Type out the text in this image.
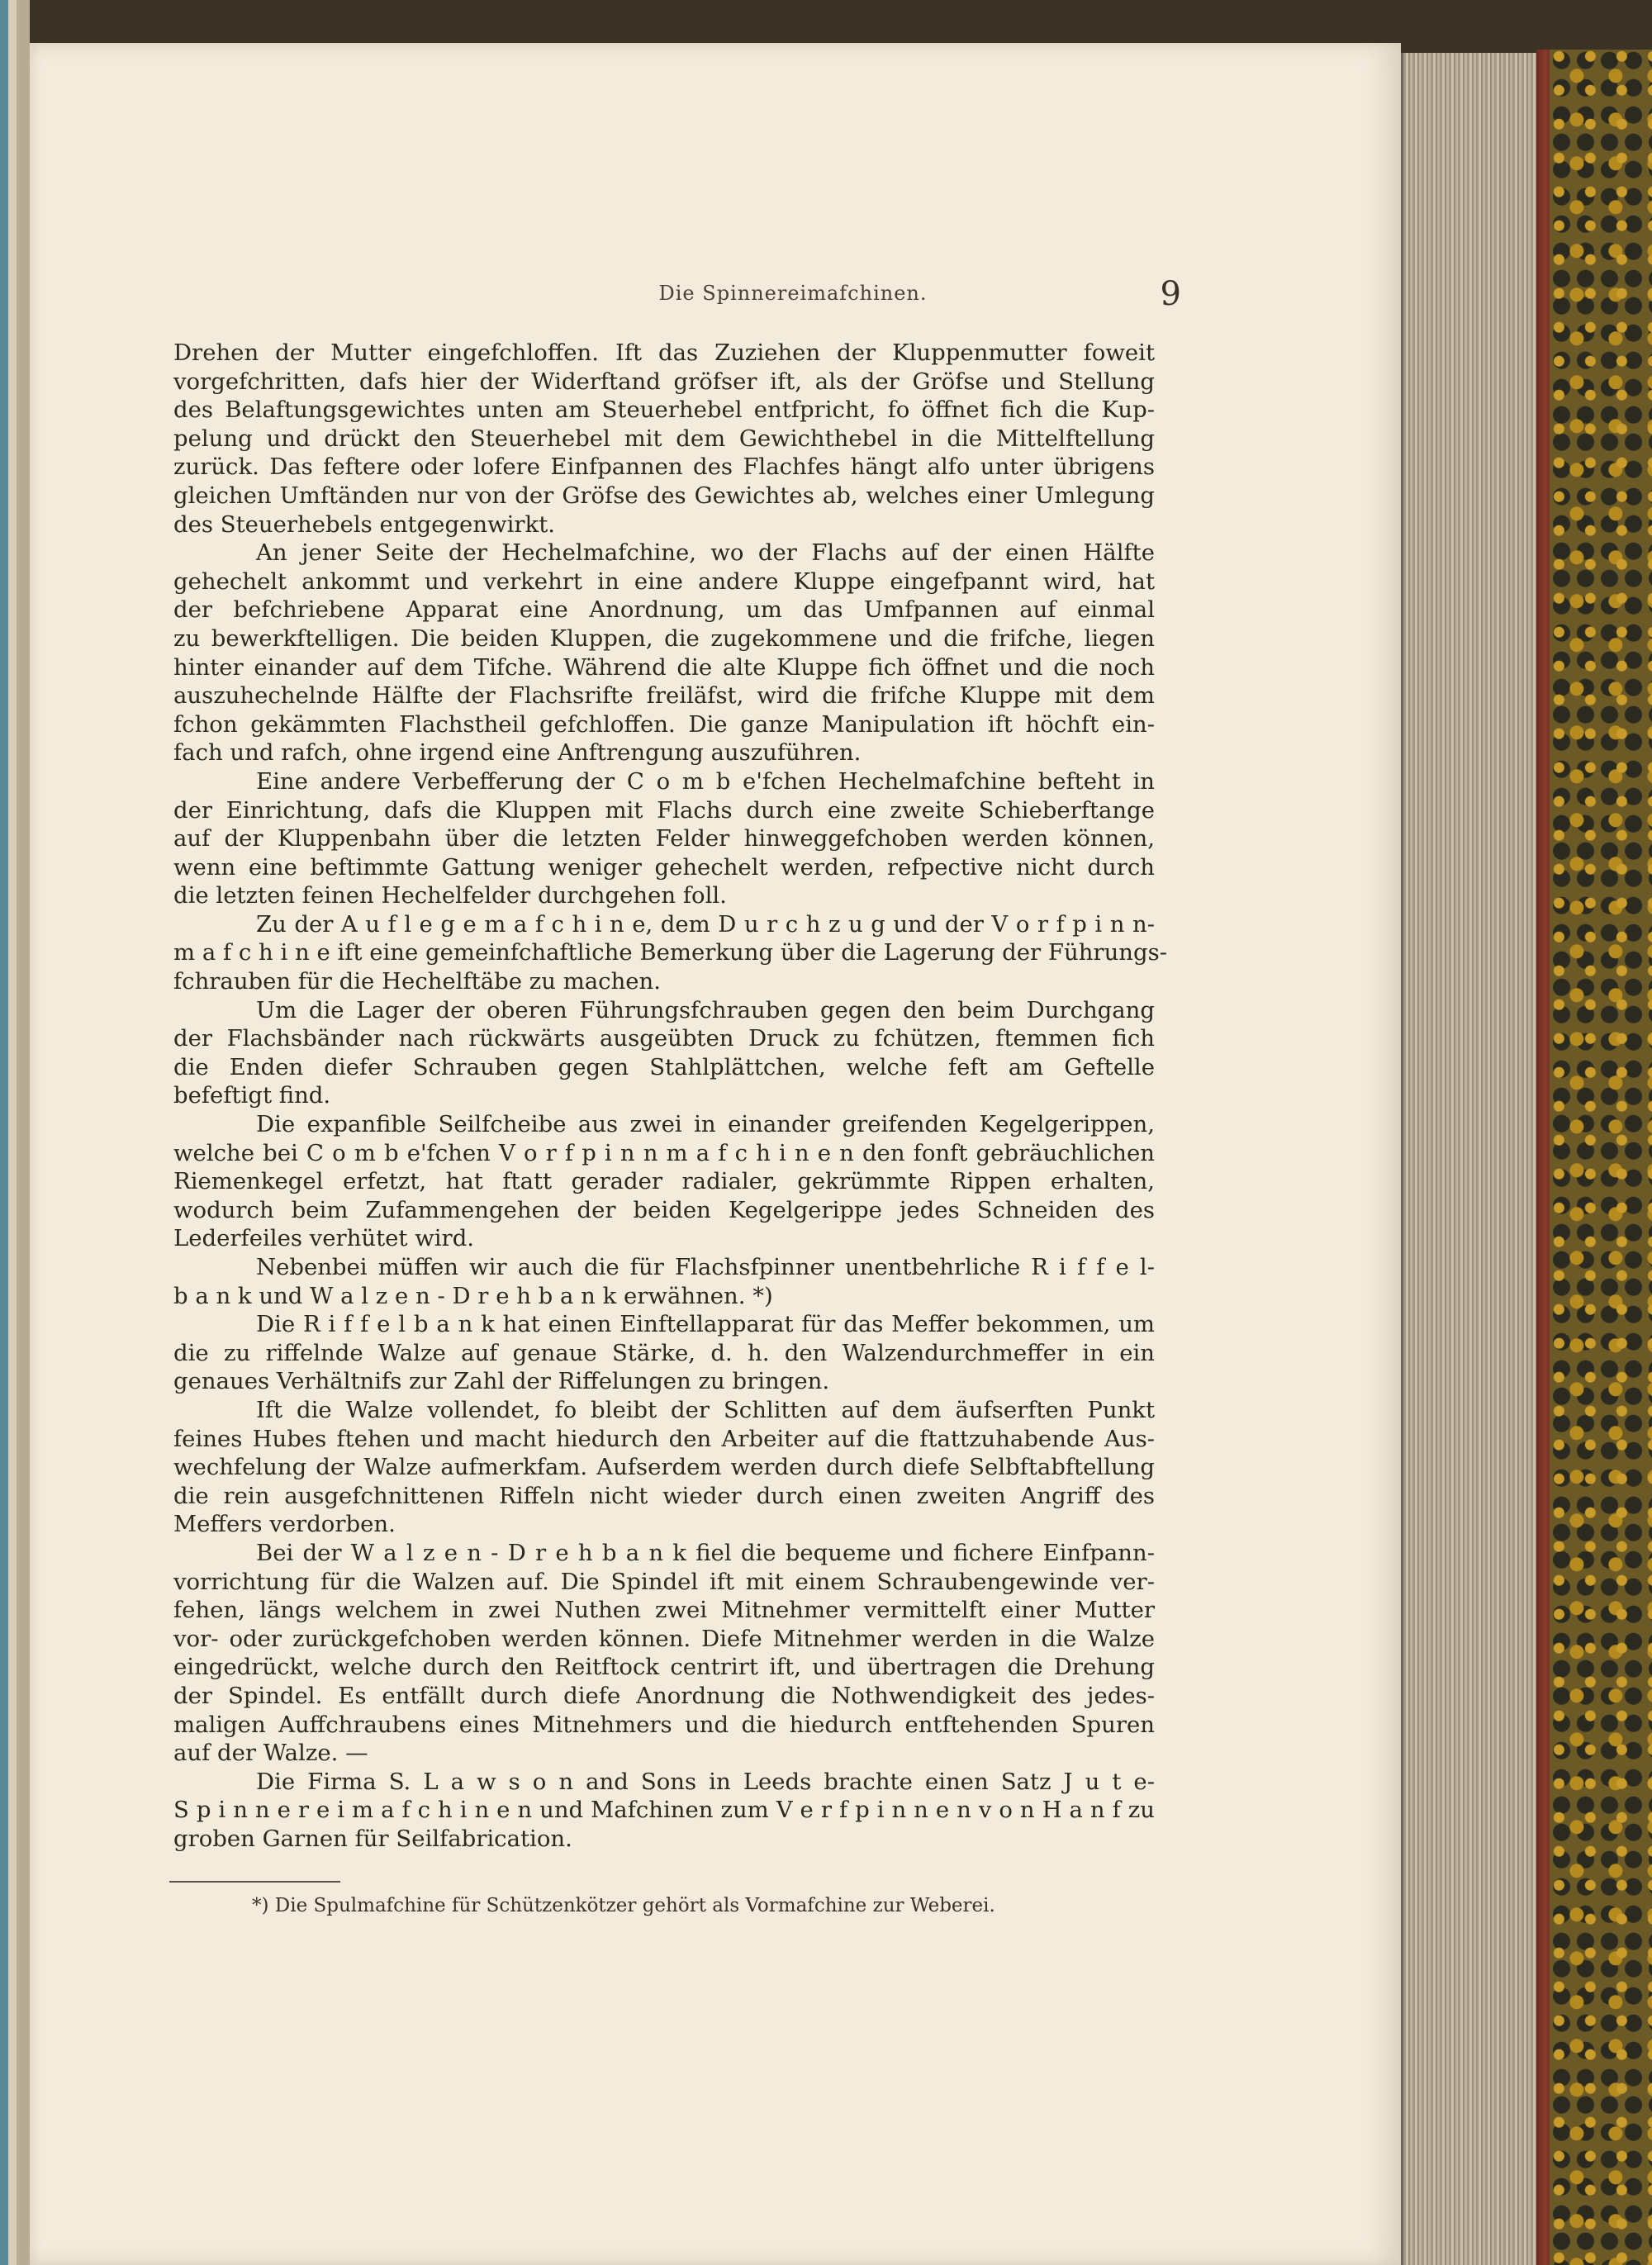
Die Spinnereimafchinen.	9
Drehen der Mutter eingefchloffen. Ift das Zuziehen der Kluppenmutter foweit
vorgefchritten, dafs hier der Widerftand gröfser ift, als der Gröfse und Stellung
des Belaftungsgewichtes unten am Steuerhebel entfpricht, fo öffnet fich die Kup-
pelung und drückt den Steuerhebel mit dem Gewichthebel in die Mittelftellung
zurück. Das feftere oder lofere Einfpannen des Flachfes hängt alfo unter übrigens
gleichen Umftänden nur von der Gröfse des Gewichtes ab, welches einer Umlegung
des Steuerhebels entgegenwirkt.
An jener Seite der Hechelmafchine, wo der Flachs auf der einen Hälfte
gehechelt ankommt und verkehrt in eine andere Kluppe eingefpannt wird, hat
der befchriebene Apparat eine Anordnung, um das Umfpannen auf einmal
zu bewerkftelligen. Die beiden Kluppen, die zugekommene und die frifche, liegen
hinter einander auf dem Tifche. Während die alte Kluppe fich öffnet und die noch
auszuhechelnde Hälfte der Flachsrifte freiläfst, wird die frifche Kluppe mit dem
fchon gekämmten Flachstheil gefchloffen. Die ganze Manipulation ift höchft ein-
fach und rafch, ohne irgend eine Anftrengung auszuführen.
Eine andere Verbefferung der C o m b e'fchen Hechelmafchine befteht in
der Einrichtung, dafs die Kluppen mit Flachs durch eine zweite Schieberftange
auf der Kluppenbahn über die letzten Felder hinweggefchoben werden können,
wenn eine beftimmte Gattung weniger gehechelt werden, refpective nicht durch
die letzten feinen Hechelfelder durchgehen foll.
Zu der A u f l e g e m a f c h i n e, dem D u r c h z u g und der V o r f p i n n-
m a f c h i n e ift eine gemeinfchaftliche Bemerkung über die Lagerung der Führungs-
fchrauben für die Hechelftäbe zu machen.
Um die Lager der oberen Führungsfchrauben gegen den beim Durchgang
der Flachsbänder nach rückwärts ausgeübten Druck zu fchützen, ftemmen fich
die Enden diefer Schrauben gegen Stahlplättchen, welche feft am Geftelle
befeftigt find.
Die expanfible Seilfcheibe aus zwei in einander greifenden Kegelgerippen,
welche bei C o m b e'fchen V o r f p i n n m a f c h i n e n den fonft gebräuchlichen
Riemenkegel erfetzt, hat ftatt gerader radialer, gekrümmte Rippen erhalten,
wodurch beim Zufammengehen der beiden Kegelgerippe jedes Schneiden des
Lederfeiles verhütet wird.
Nebenbei müffen wir auch die für Flachsfpinner unentbehrliche R i f f e l-
b a n k und W a l z e n - D r e h b a n k erwähnen. *)
Die R i f f e l b a n k hat einen Einftellapparat für das Meffer bekommen, um
die zu riffelnde Walze auf genaue Stärke, d. h. den Walzendurchmeffer in ein
genaues Verhältnifs zur Zahl der Riffelungen zu bringen.
Ift die Walze vollendet, fo bleibt der Schlitten auf dem äufserften Punkt
feines Hubes ftehen und macht hiedurch den Arbeiter auf die ftattzuhabende Aus-
wechfelung der Walze aufmerkfam. Aufserdem werden durch diefe Selbftabftellung
die rein ausgefchnittenen Riffeln nicht wieder durch einen zweiten Angriff des
Meffers verdorben.
Bei der W a l z e n - D r e h b a n k fiel die bequeme und fichere Einfpann-
vorrichtung für die Walzen auf. Die Spindel ift mit einem Schraubengewinde ver-
fehen, längs welchem in zwei Nuthen zwei Mitnehmer vermittelft einer Mutter
vor- oder zurückgefchoben werden können. Diefe Mitnehmer werden in die Walze
eingedrückt, welche durch den Reitftock centrirt ift, und übertragen die Drehung
der Spindel. Es entfällt durch diefe Anordnung die Nothwendigkeit des jedes-
maligen Auffchraubens eines Mitnehmers und die hiedurch entftehenden Spuren
auf der Walze. —
Die Firma S. L a w s o n and Sons in Leeds brachte einen Satz J u t e-
S p i n n e r e i m a f c h i n e n und Mafchinen zum V e r f p i n n e n v o n H a n f zu
groben Garnen für Seilfabrication.
*) Die Spulmafchine für Schützenkötzer gehört als Vormafchine zur Weberei.
